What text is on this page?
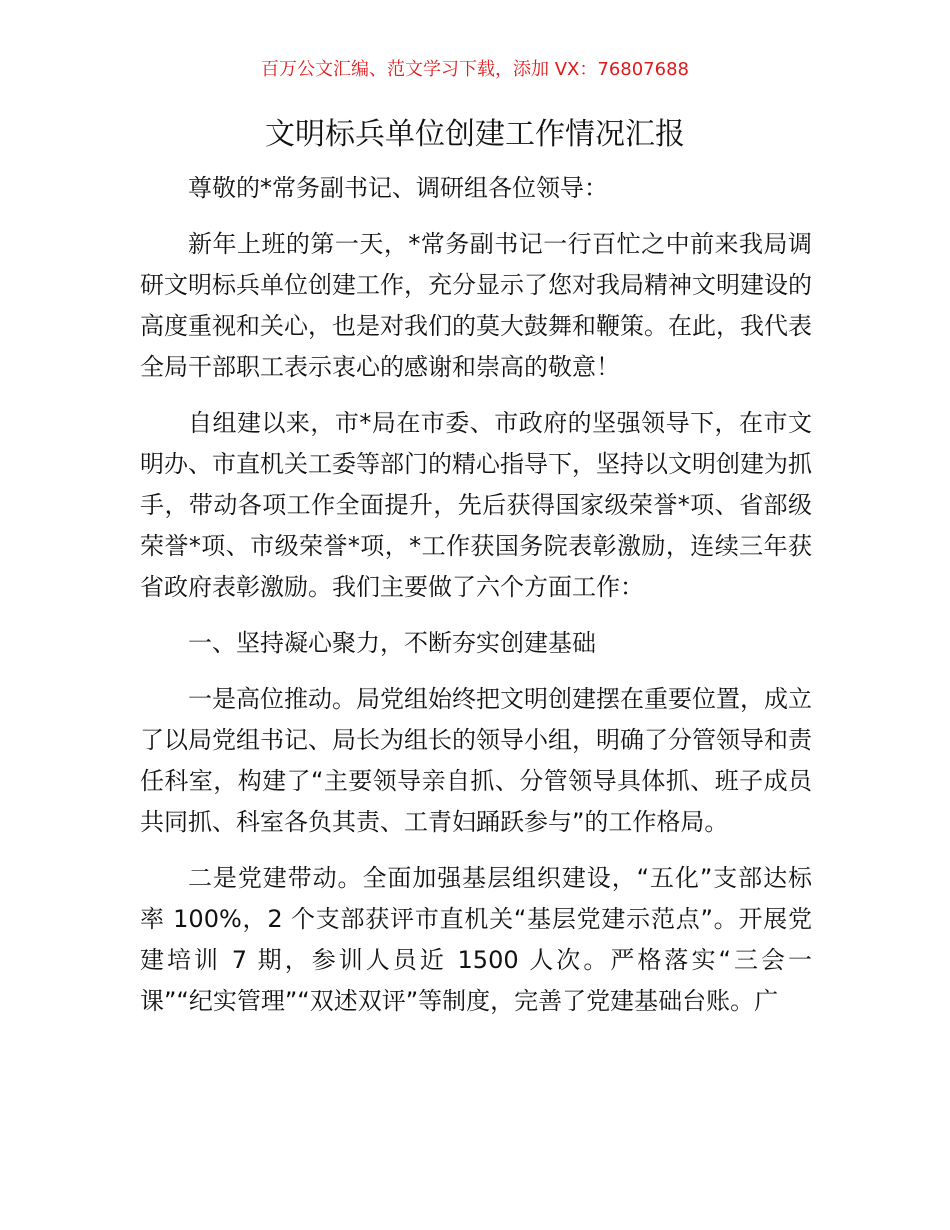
百万公文汇编、范文学习下载，添加 VX：76807688
文明标兵单位创建工作情况汇报

尊敬的*常务副书记、调研组各位领导：

新年上班的第一天，*常务副书记一行百忙之中前来我局调研文明标兵单位创建工作，充分显示了您对我局精神文明建设的高度重视和关心，也是对我们的莫大鼓舞和鞭策。在此，我代表全局干部职工表示衷心的感谢和崇高的敬意！

自组建以来，市*局在市委、市政府的坚强领导下，在市文明办、市直机关工委等部门的精心指导下，坚持以文明创建为抓手，带动各项工作全面提升，先后获得国家级荣誉*项、省部级荣誉*项、市级荣誉*项，*工作获国务院表彰激励，连续三年获省政府表彰激励。我们主要做了六个方面工作：

一、坚持凝心聚力，不断夯实创建基础

一是高位推动。局党组始终把文明创建摆在重要位置，成立了以局党组书记、局长为组长的领导小组，明确了分管领导和责任科室，构建了“主要领导亲自抓、分管领导具体抓、班子成员共同抓、科室各负其责、工青妇踊跃参与”的工作格局。

二是党建带动。全面加强基层组织建设，“五化”支部达标率 100%，2 个支部获评市直机关“基层党建示范点”。开展党建培训 7 期，参训人员近 1500 人次。严格落实“三会一课”“纪实管理”“双述双评”等制度，完善了党建基础台账。广
